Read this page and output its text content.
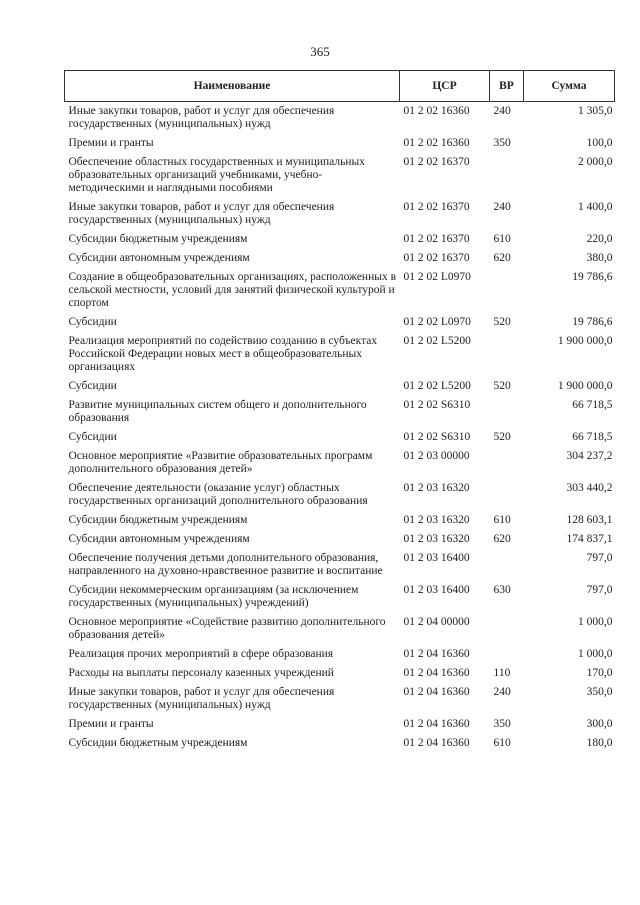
365
Наименование	ЦСР	ВР	Сумма
Иные закупки товаров, работ и услуг для обеспечения государственных (муниципальных) нужд	01 2 02 16360	240	1 305,0
Премии и гранты	01 2 02 16360	350	100,0
Обеспечение областных государственных и муниципальных образовательных организаций учебниками, учебно-методическими и наглядными пособиями	01 2 02 16370		2 000,0
Иные закупки товаров, работ и услуг для обеспечения государственных (муниципальных) нужд	01 2 02 16370	240	1 400,0
Субсидии бюджетным учреждениям	01 2 02 16370	610	220,0
Субсидии автономным учреждениям	01 2 02 16370	620	380,0
Создание в общеобразовательных организациях, расположенных в сельской местности, условий для занятий физической культурой и спортом	01 2 02 L0970		19 786,6
Субсидии	01 2 02 L0970	520	19 786,6
Реализация мероприятий по содействию созданию в субъектах Российской Федерации новых мест в общеобразовательных организациях	01 2 02 L5200		1 900 000,0
Субсидии	01 2 02 L5200	520	1 900 000,0
Развитие муниципальных систем общего и дополнительного образования	01 2 02 S6310		66 718,5
Субсидии	01 2 02 S6310	520	66 718,5
Основное мероприятие «Развитие образовательных программ дополнительного образования детей»	01 2 03 00000		304 237,2
Обеспечение деятельности (оказание услуг) областных государственных организаций дополнительного образования	01 2 03 16320		303 440,2
Субсидии бюджетным учреждениям	01 2 03 16320	610	128 603,1
Субсидии автономным учреждениям	01 2 03 16320	620	174 837,1
Обеспечение получения детьми дополнительного образования, направленного на духовно-нравственное развитие и воспитание	01 2 03 16400		797,0
Субсидии некоммерческим организациям (за исключением государственных (муниципальных) учреждений)	01 2 03 16400	630	797,0
Основное мероприятие «Содействие развитию дополнительного образования детей»	01 2 04 00000		1 000,0
Реализация прочих мероприятий в сфере образования	01 2 04 16360		1 000,0
Расходы на выплаты персоналу казенных учреждений	01 2 04 16360	110	170,0
Иные закупки товаров, работ и услуг для обеспечения государственных (муниципальных) нужд	01 2 04 16360	240	350,0
Премии и гранты	01 2 04 16360	350	300,0
Субсидии бюджетным учреждениям	01 2 04 16360	610	180,0
